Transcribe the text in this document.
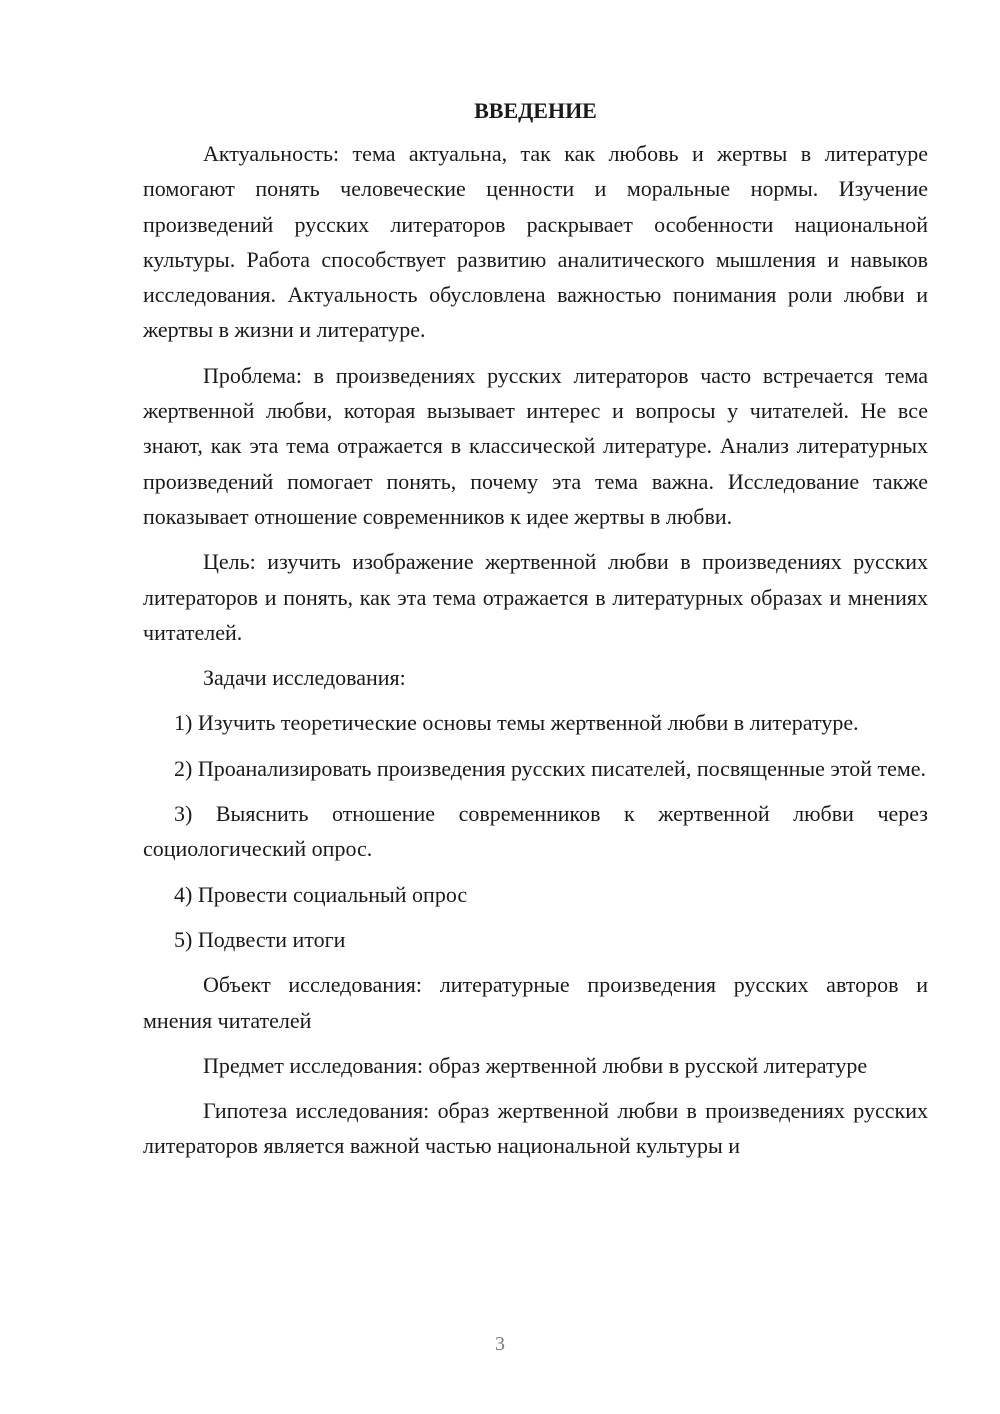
ВВЕДЕНИЕ

Актуальность: тема актуальна, так как любовь и жертвы в литературе помогают понять человеческие ценности и моральные нормы. Изучение произведений русских литераторов раскрывает особенности национальной культуры. Работа способствует развитию аналитического мышления и навыков исследования. Актуальность обусловлена важностью понимания роли любви и жертвы в жизни и литературе.

Проблема: в произведениях русских литераторов часто встречается тема жертвенной любви, которая вызывает интерес и вопросы у читателей. Не все знают, как эта тема отражается в классической литературе. Анализ литературных произведений помогает понять, почему эта тема важна. Исследование также показывает отношение современников к идее жертвы в любви.

Цель: изучить изображение жертвенной любви в произведениях русских литераторов и понять, как эта тема отражается в литературных образах и мнениях читателей.

Задачи исследования:

1) Изучить теоретические основы темы жертвенной любви в литературе.

2) Проанализировать произведения русских писателей, посвященные этой теме.

3) Выяснить отношение современников к жертвенной любви через социологический опрос.

4) Провести социальный опрос

5) Подвести итоги

Объект исследования: литературные произведения русских авторов и мнения читателей

Предмет исследования: образ жертвенной любви в русской литературе

Гипотеза исследования: образ жертвенной любви в произведениях русских литераторов является важной частью национальной культуры и

3
